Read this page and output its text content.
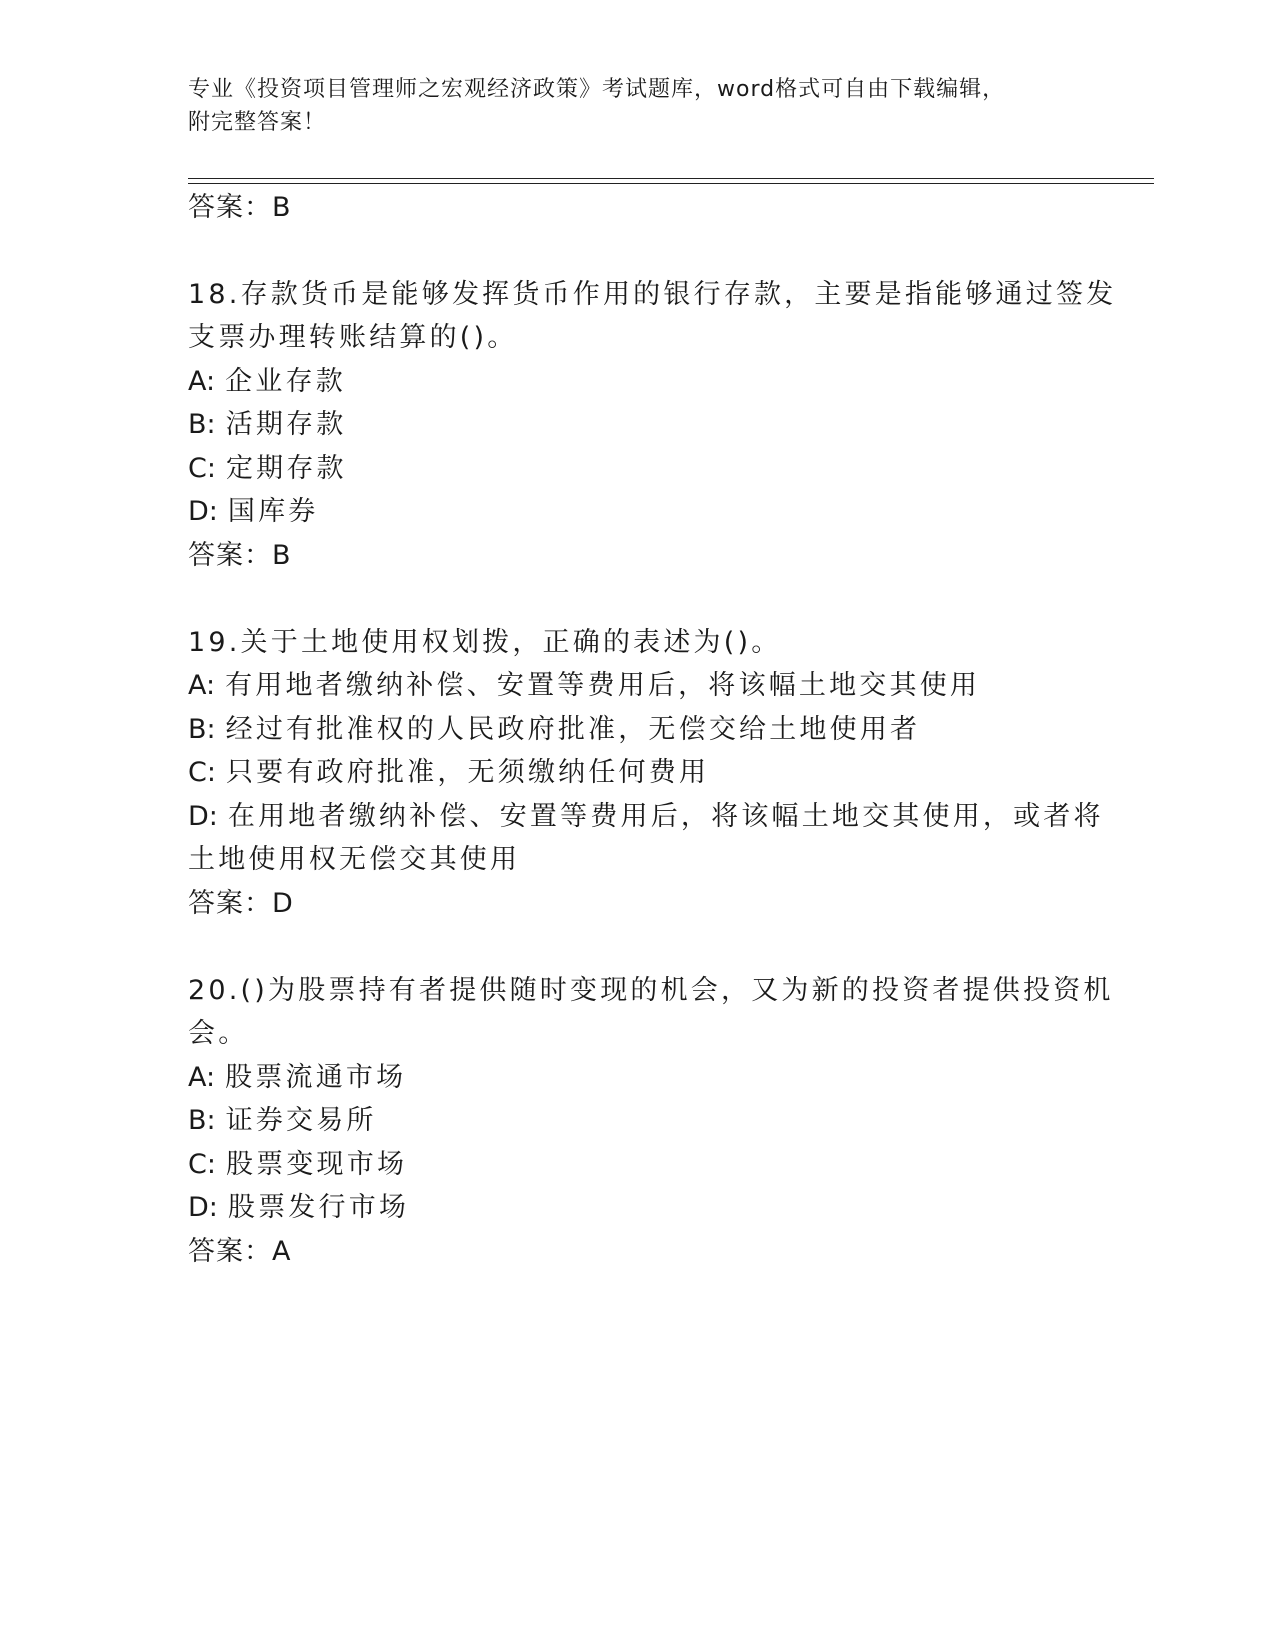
专业《投资项目管理师之宏观经济政策》考试题库，word格式可自由下载编辑，
附完整答案！
答案：B
18.存款货币是能够发挥货币作用的银行存款，主要是指能够通过签发
支票办理转账结算的()。
A: 企业存款
B: 活期存款
C: 定期存款
D: 国库券
答案：B
19.关于土地使用权划拨，正确的表述为()。
A: 有用地者缴纳补偿、安置等费用后，将该幅土地交其使用
B: 经过有批准权的人民政府批准，无偿交给土地使用者
C: 只要有政府批准，无须缴纳任何费用
D: 在用地者缴纳补偿、安置等费用后，将该幅土地交其使用，或者将
土地使用权无偿交其使用
答案：D
20.()为股票持有者提供随时变现的机会，又为新的投资者提供投资机
会。
A: 股票流通市场
B: 证券交易所
C: 股票变现市场
D: 股票发行市场
答案：A
